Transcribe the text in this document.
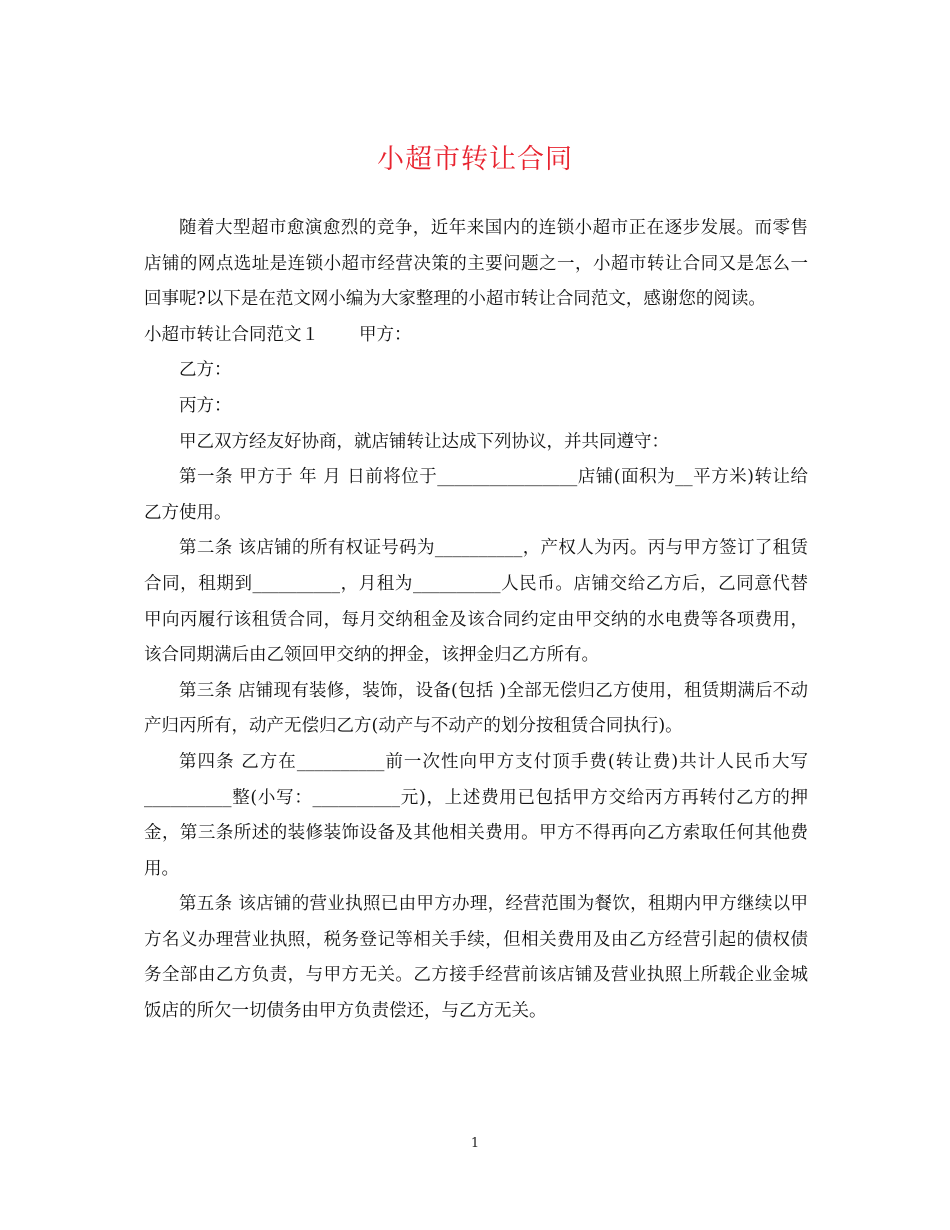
小超市转让合同

随着大型超市愈演愈烈的竞争，近年来国内的连锁小超市正在逐步发展。而零售店铺的网点选址是连锁小超市经营决策的主要问题之一，小超市转让合同又是怎么一回事呢?以下是在范文网小编为大家整理的小超市转让合同范文，感谢您的阅读。

小超市转让合同范文１ 甲方：

乙方：

丙方：

甲乙双方经友好协商，就店铺转让达成下列协议，并共同遵守：

第一条 甲方于 年 月 日前将位于________________店铺(面积为__平方米)转让给乙方使用。

第二条 该店铺的所有权证号码为__________，产权人为丙。丙与甲方签订了租赁合同，租期到__________，月租为__________人民币。店铺交给乙方后，乙同意代替甲向丙履行该租赁合同，每月交纳租金及该合同约定由甲交纳的水电费等各项费用，该合同期满后由乙领回甲交纳的押金，该押金归乙方所有。

第三条 店铺现有装修，装饰，设备(包括 )全部无偿归乙方使用，租赁期满后不动产归丙所有，动产无偿归乙方(动产与不动产的划分按租赁合同执行)。

第四条 乙方在__________前一次性向甲方支付顶手费(转让费)共计人民币大写__________整(小写：__________元)，上述费用已包括甲方交给丙方再转付乙方的押金，第三条所述的装修装饰设备及其他相关费用。甲方不得再向乙方索取任何其他费用。

第五条 该店铺的营业执照已由甲方办理，经营范围为餐饮，租期内甲方继续以甲方名义办理营业执照，税务登记等相关手续，但相关费用及由乙方经营引起的债权债务全部由乙方负责，与甲方无关。乙方接手经营前该店铺及营业执照上所载企业金城饭店的所欠一切债务由甲方负责偿还，与乙方无关。

1
